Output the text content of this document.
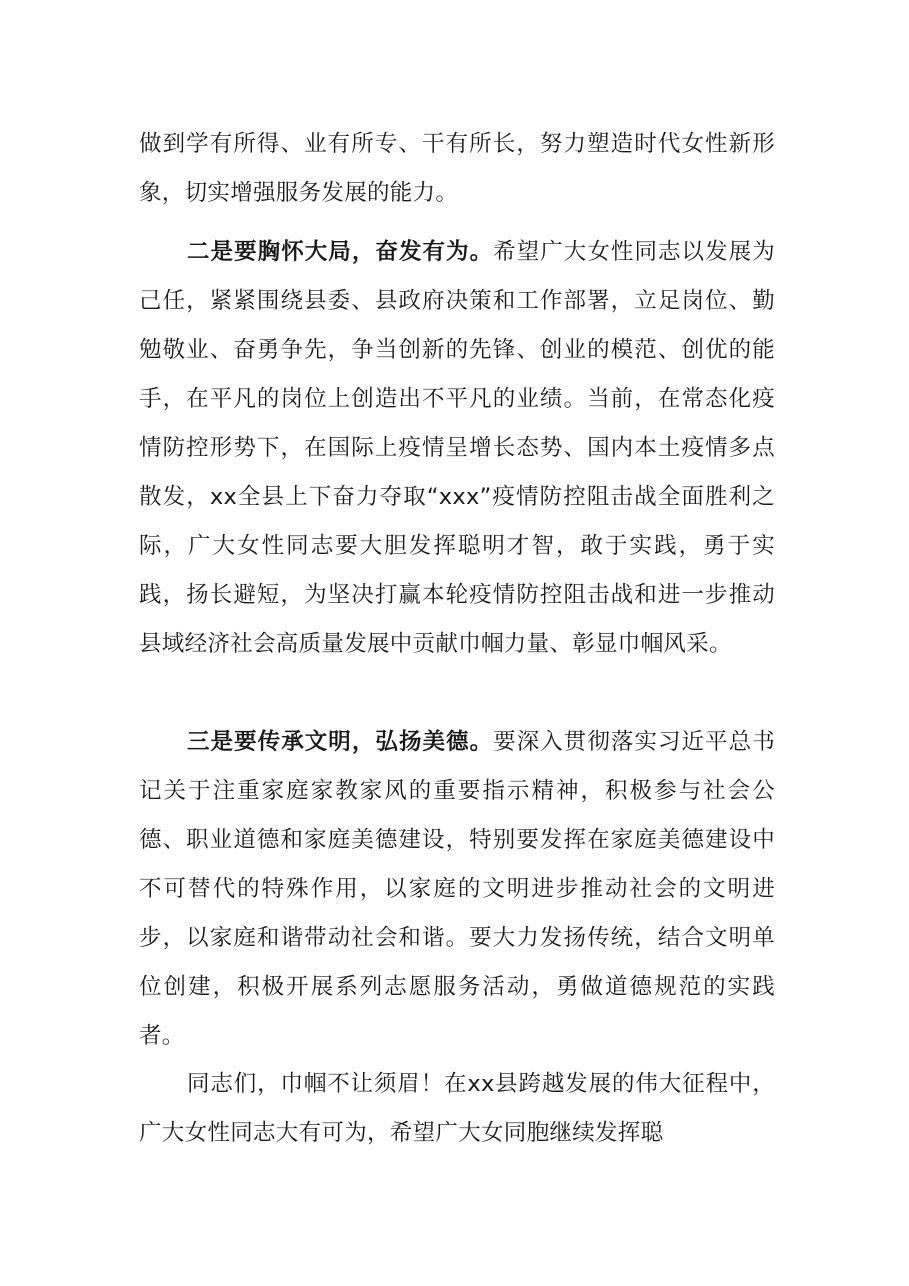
做到学有所得、业有所专、干有所长，努力塑造时代女性新形象，切实增强服务发展的能力。

二是要胸怀大局，奋发有为。希望广大女性同志以发展为己任，紧紧围绕县委、县政府决策和工作部署，立足岗位、勤勉敬业、奋勇争先，争当创新的先锋、创业的模范、创优的能手，在平凡的岗位上创造出不平凡的业绩。当前，在常态化疫情防控形势下，在国际上疫情呈增长态势、国内本土疫情多点散发，xx全县上下奋力夺取“xxx”疫情防控阻击战全面胜利之际，广大女性同志要大胆发挥聪明才智，敢于实践，勇于实践，扬长避短，为坚决打赢本轮疫情防控阻击战和进一步推动县域经济社会高质量发展中贡献巾帼力量、彰显巾帼风采。

三是要传承文明，弘扬美德。要深入贯彻落实习近平总书记关于注重家庭家教家风的重要指示精神，积极参与社会公德、职业道德和家庭美德建设，特别要发挥在家庭美德建设中不可替代的特殊作用，以家庭的文明进步推动社会的文明进步，以家庭和谐带动社会和谐。要大力发扬传统，结合文明单位创建，积极开展系列志愿服务活动，勇做道德规范的实践者。

同志们，巾帼不让须眉！在xx县跨越发展的伟大征程中，广大女性同志大有可为，希望广大女同胞继续发挥聪
